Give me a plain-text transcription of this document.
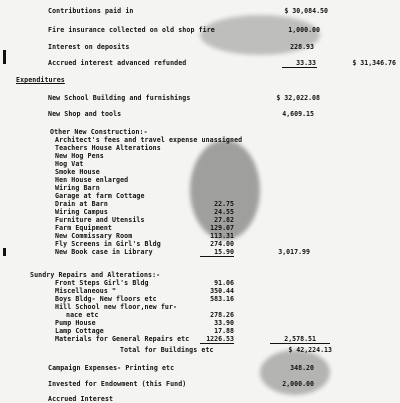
Contributions paid in	$ 30,084.50
Fire insurance collected on old shop fire	1,000.00
Interest on deposits	228.93
Accrued interest advanced refunded	33.33	$ 31,346.76
Expenditures
New School Building and furnishings	$ 32,022.08
New Shop and tools	4,609.15
Other New Construction:-
Architect's fees and travel expense unassigned
Teachers House Alterations
New Hog Pens
Hog Vat
Smoke House
Hen House enlarged
Wiring Barn
Garage at farm Cottage
Drain at Barn	22.75
Wiring Campus	24.55
Furniture and Utensils	27.82
Farm Equipment	129.07
New Commissary Room	113.31
Fly Screens in Girl's Bldg	274.00
New Book case in Library	15.90	3,017.99
Sundry Repairs and Alterations:-
Front Steps Girl's Bldg	91.06
Miscellaneous "	350.44
Boys Bldg- New floors etc	583.16
Hill School new floor,new fur-
nace etc	278.26
Pump House	33.90
Lamp Cottage	17.88
Materials for General Repairs etc	1226.53	2,578.51
Total for Buildings etc	$ 42,224.13
Campaign Expenses- Printing etc	348.20
Invested for Endowment (this Fund)	2,000.00
Accrued Interest
